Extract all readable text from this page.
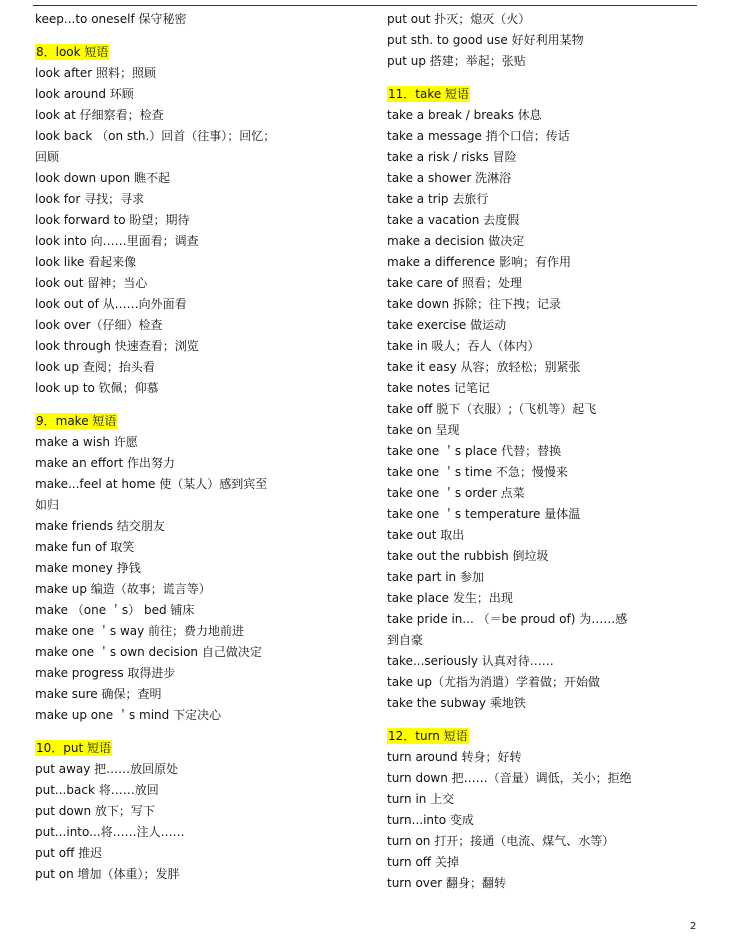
keep...to oneself 保守秘密
8．look 短语
look after 照料；照顾
look around 环顾
look at 仔细察看；检查
look back （on sth.）回首（往事）；回忆；
回顾
look down upon 瞧不起
look for 寻找；寻求
look forward to 盼望；期待
look into 向……里面看；调查
look like 看起来像
look out 留神；当心
look out of 从……向外面看
look over（仔细）检查
look through 快速查看；浏览
look up 查阅；抬头看
look up to 钦佩；仰慕
9．make 短语
make a wish 许愿
make an effort 作出努力
make...feel at home 使（某人）感到宾至
如归
make friends 结交朋友
make fun of 取笑
make money 挣钱
make up 编造（故事；谎言等）
make （one ＇s） bed 铺床
make one ＇s way 前往；费力地前进
make one ＇s own decision 自己做决定
make progress 取得进步
make sure 确保；查明
make up one ＇s mind 下定决心
10．put 短语
put away 把……放回原处
put...back 将……放回
put down 放下；写下
put...into...将……注人……
put off 推迟
put on 增加（体重）；发胖
put out 扑灭；熄灭（火）
put sth. to good use 好好利用某物
put up 搭建；举起；张贴
11．take 短语
take a break / breaks 休息
take a message 捎个口信；传话
take a risk / risks 冒险
take a shower 洗淋浴
take a trip 去旅行
take a vacation 去度假
make a decision 做决定
make a difference 影响；有作用
take care of 照看；处理
take down 拆除；往下拽；记录
take exercise 做运动
take in 吸人；吞人（体内）
take it easy 从容；放轻松；别紧张
take notes 记笔记
take off 脱下（衣服）;（飞机等）起飞
take on 呈现
take one ＇s place 代替；替换
take one ＇s time 不急；慢慢来
take one ＇s order 点菜
take one ＇s temperature 量体温
take out 取出
take out the rubbish 倒垃圾
take part in 参加
take place 发生；出现
take pride in... （＝be proud of) 为……感
到自豪
take...seriously 认真对待……
take up（尤指为消遣）学着做；开始做
take the subway 乘地铁
12．turn 短语
turn around 转身；好转
turn down 把……（音量）调低，关小；拒绝
turn in 上交
turn...into 变成
turn on 打开；接通（电流、煤气、水等）
turn off 关掉
turn over 翻身；翻转
2
